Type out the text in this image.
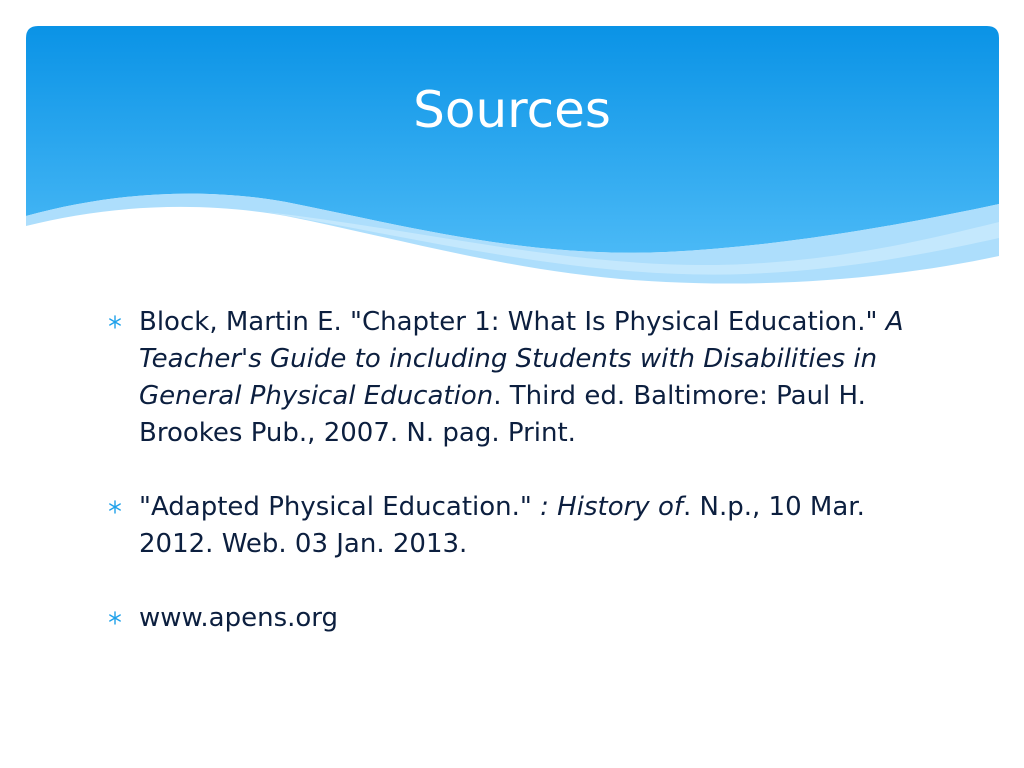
Sources
Block, Martin E. "Chapter 1: What Is Physical Education." A Teacher's Guide to including Students with Disabilities in General Physical Education. Third ed. Baltimore: Paul H. Brookes Pub., 2007. N. pag. Print.
"Adapted Physical Education." : History of. N.p., 10 Mar. 2012. Web. 03 Jan. 2013.
www.apens.org
